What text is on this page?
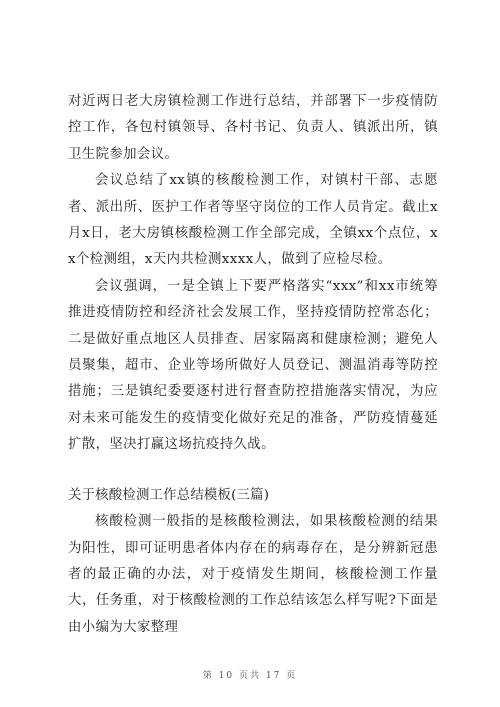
对近两日老大房镇检测工作进行总结，并部署下一步疫情防控工作，各包村镇领导、各村书记、负责人、镇派出所，镇卫生院参加会议。

会议总结了xx镇的核酸检测工作，对镇村干部、志愿者、派出所、医护工作者等坚守岗位的工作人员肯定。截止x月x日，老大房镇核酸检测工作全部完成，全镇xx个点位，xx个检测组，x天内共检测xxxx人，做到了应检尽检。

会议强调，一是全镇上下要严格落实“xxx”和xx市统筹推进疫情防控和经济社会发展工作，坚持疫情防控常态化；二是做好重点地区人员排查、居家隔离和健康检测；避免人员聚集，超市、企业等场所做好人员登记、测温消毒等防控措施；三是镇纪委要逐村进行督查防控措施落实情况，为应对未来可能发生的疫情变化做好充足的准备，严防疫情蔓延扩散，坚决打赢这场抗疫持久战。

关于核酸检测工作总结模板(三篇)

核酸检测一般指的是核酸检测法，如果核酸检测的结果为阳性，即可证明患者体内存在的病毒存在，是分辨新冠患者的最正确的办法，对于疫情发生期间，核酸检测工作量大，任务重，对于核酸检测的工作总结该怎么样写呢?下面是由小编为大家整理

第 10 页共 17 页
